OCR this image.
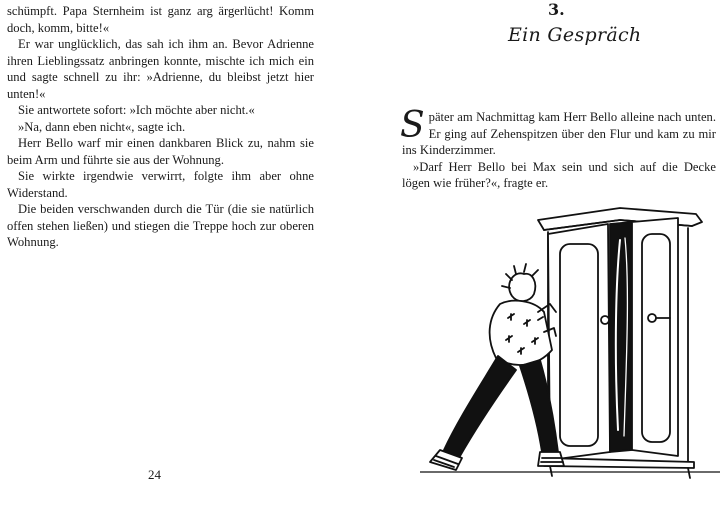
schümpft. Papa Sternheim ist ganz arg ärgerlücht! Komm doch, komm, bitte!«

Er war unglücklich, das sah ich ihm an. Bevor Adrienne ihren Lieblingssatz anbringen konnte, mischte ich mich ein und sagte schnell zu ihr: »Adrienne, du bleibst jetzt hier unten!«

Sie antwortete sofort: »Ich möchte aber nicht.«

»Na, dann eben nicht«, sagte ich.

Herr Bello warf mir einen dankbaren Blick zu, nahm sie beim Arm und führte sie aus der Wohnung.

Sie wirkte irgendwie verwirrt, folgte ihm aber ohne Widerstand.

Die beiden verschwanden durch die Tür (die sie natürlich offen stehen ließen) und stiegen die Treppe hoch zur oberen Wohnung.

24
3.
Ein Gespräch

Später am Nachmittag kam Herr Bello alleine nach unten. Er ging auf Zehenspitzen über den Flur und kam zu mir ins Kinderzimmer.

»Darf Herr Bello bei Max sein und sich auf die Decke lögen wie früher?«, fragte er.
